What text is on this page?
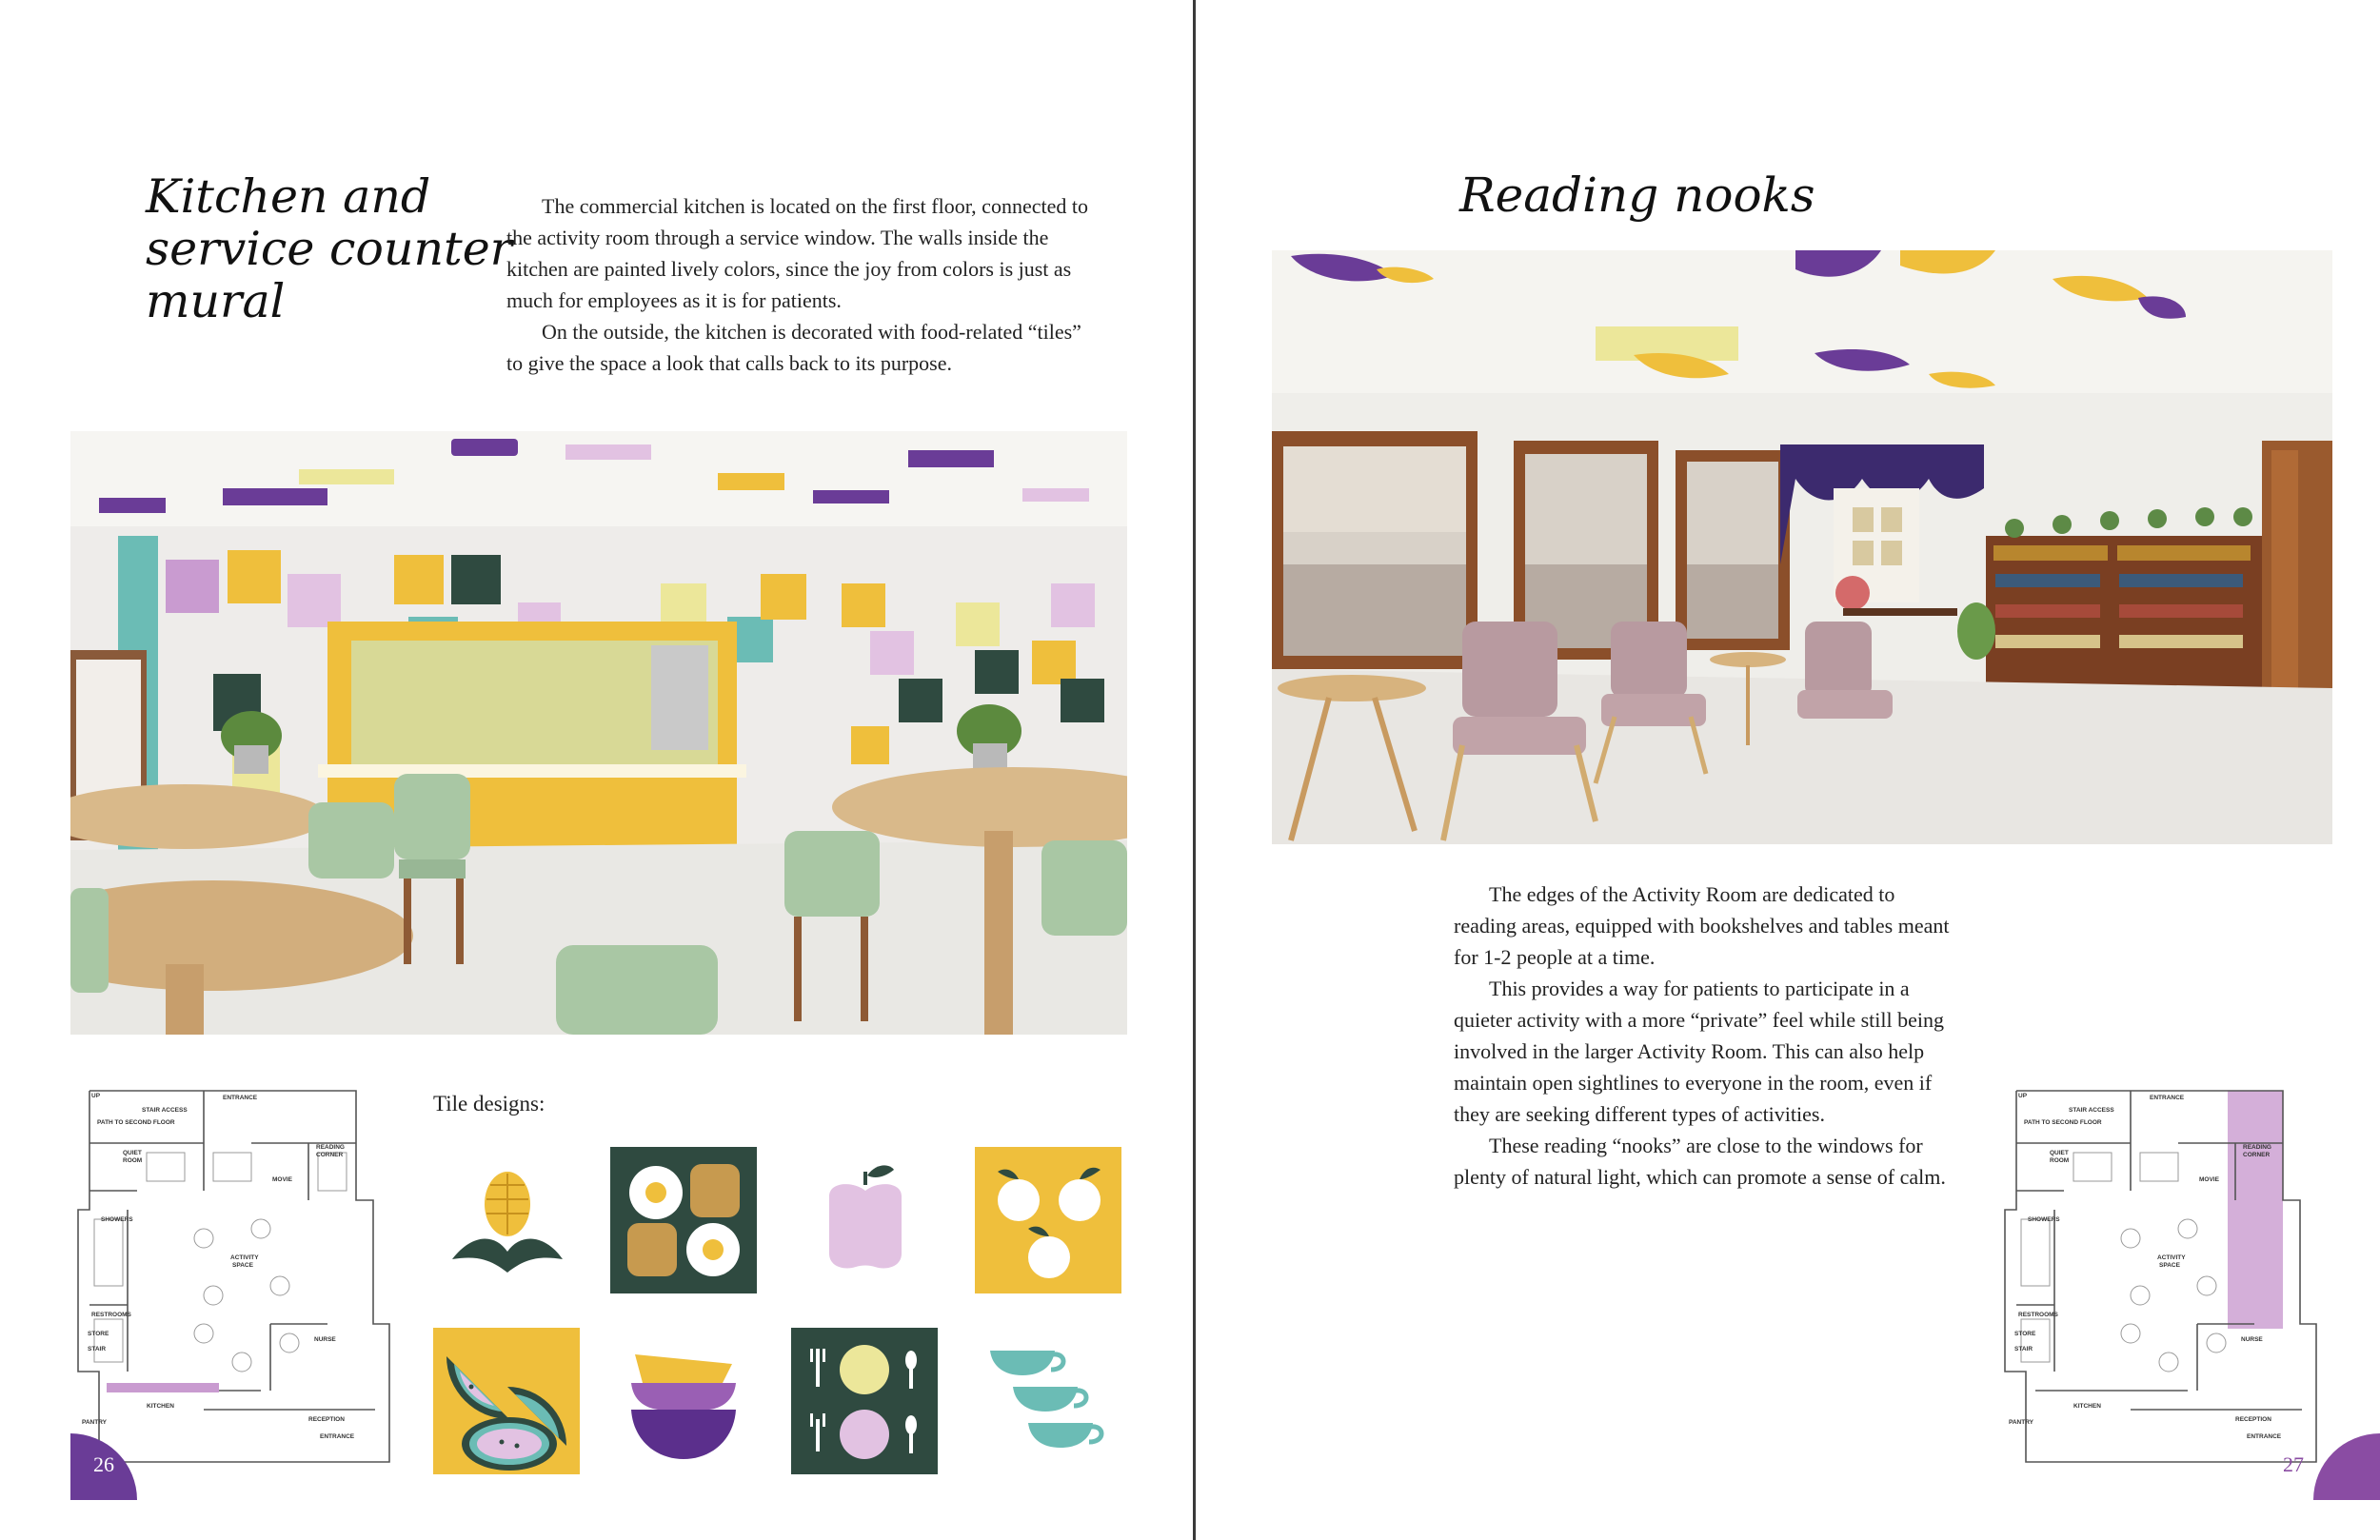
Kitchen and
service counter
mural

The commercial kitchen is located on the first floor, connected to the activity room through a service window. The walls inside the kitchen are painted lively colors, since the joy from colors is just as much for employees as it is for patients.

On the outside, the kitchen is decorated with food-related “tiles” to give the space a look that calls back to its purpose.

UP	ENTRANCE
STAIR ACCESS
PATH TO SECOND FLOOR
QUIET
ROOM
READING
CORNER
MOVIE
SHOWERS
ACTIVITY
SPACE
RESTROOMS
STORE
STAIR
NURSE
KITCHEN
PANTRY	RECEPTION
ENTRANCE
26
Tile designs:
Reading nooks

The edges of the Activity Room are dedicated to reading areas, equipped with bookshelves and tables meant for 1-2 people at a time.

This provides a way for patients to participate in a quieter activity with a more “private” feel while still being involved in the larger Activity Room. This can also help maintain open sightlines to everyone in the room, even if they are seeking different types of activities.

These reading “nooks” are close to the windows for plenty of natural light, which can promote a sense of calm.

UP	ENTRANCE
STAIR ACCESS
PATH TO SECOND FLOOR
QUIET
ROOM
READING
CORNER
MOVIE
SHOWERS
ACTIVITY
SPACE
RESTROOMS
STORE
STAIR
NURSE
KITCHEN
PANTRY	RECEPTION
ENTRANCE
27
